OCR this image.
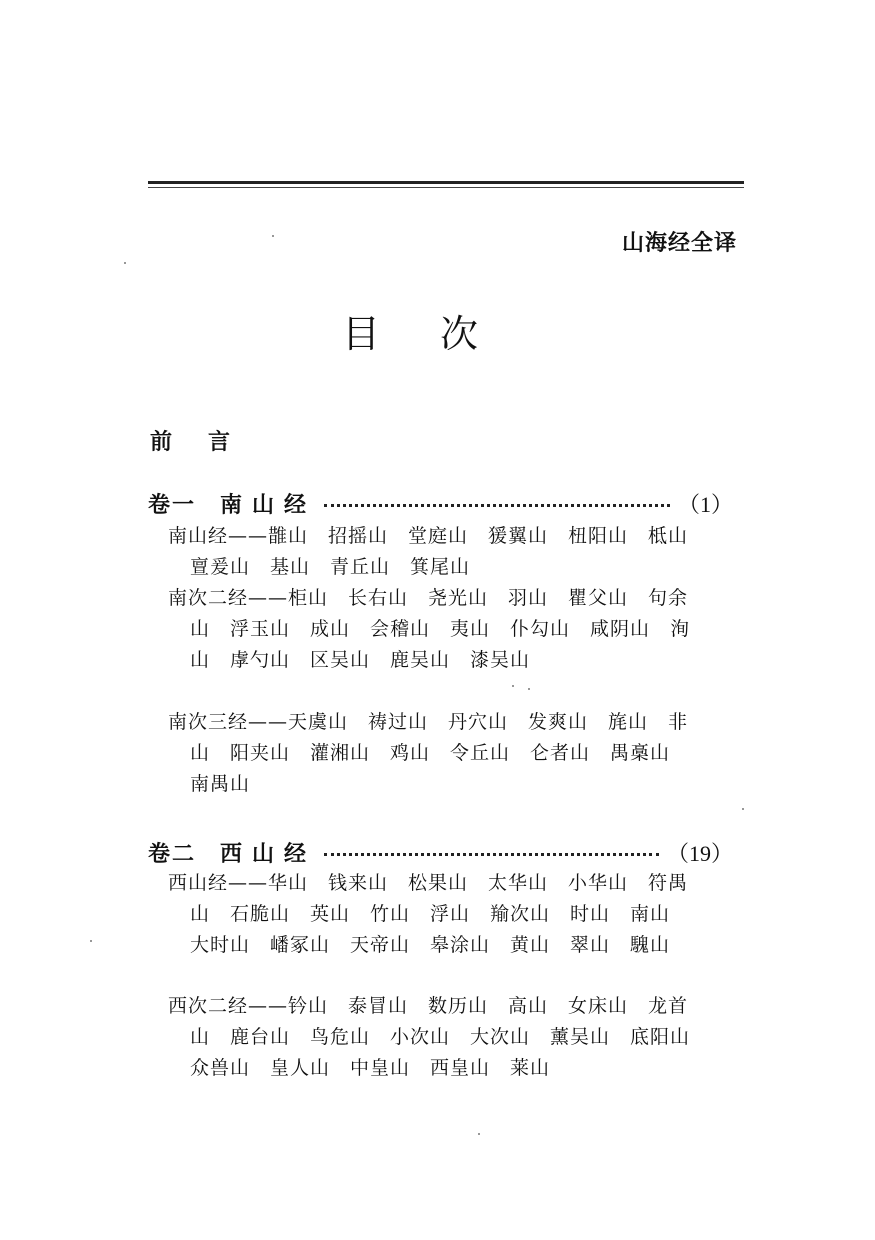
山海经全译
目次
前言
卷一 南山经	（1）
南山经——䧿山　招摇山　堂庭山　猨翼山　杻阳山　柢山　亶爰山　基山　青丘山　箕尾山
南次二经——柜山　长右山　尧光山　羽山　瞿父山　句余山　浮玉山　成山　会稽山　夷山　仆勾山　咸阴山　洵山　虖勺山　区吴山　鹿吴山　漆吴山
南次三经——天虞山　祷过山　丹穴山　发爽山　旄山　非山　阳夹山　灌湘山　鸡山　令丘山　仑者山　禺槀山　南禺山
卷二 西山经	（19）
西山经——华山　钱来山　松果山　太华山　小华山　符禺山　石脆山　英山　竹山　浮山　羭次山　时山　南山　大时山　嶓冢山　天帝山　皋涂山　黄山　翠山　騩山
西次二经——钤山　泰冒山　数历山　高山　女床山　龙首山　鹿台山　鸟危山　小次山　大次山　薰吴山　底阳山　众兽山　皇人山　中皇山　西皇山　莱山
